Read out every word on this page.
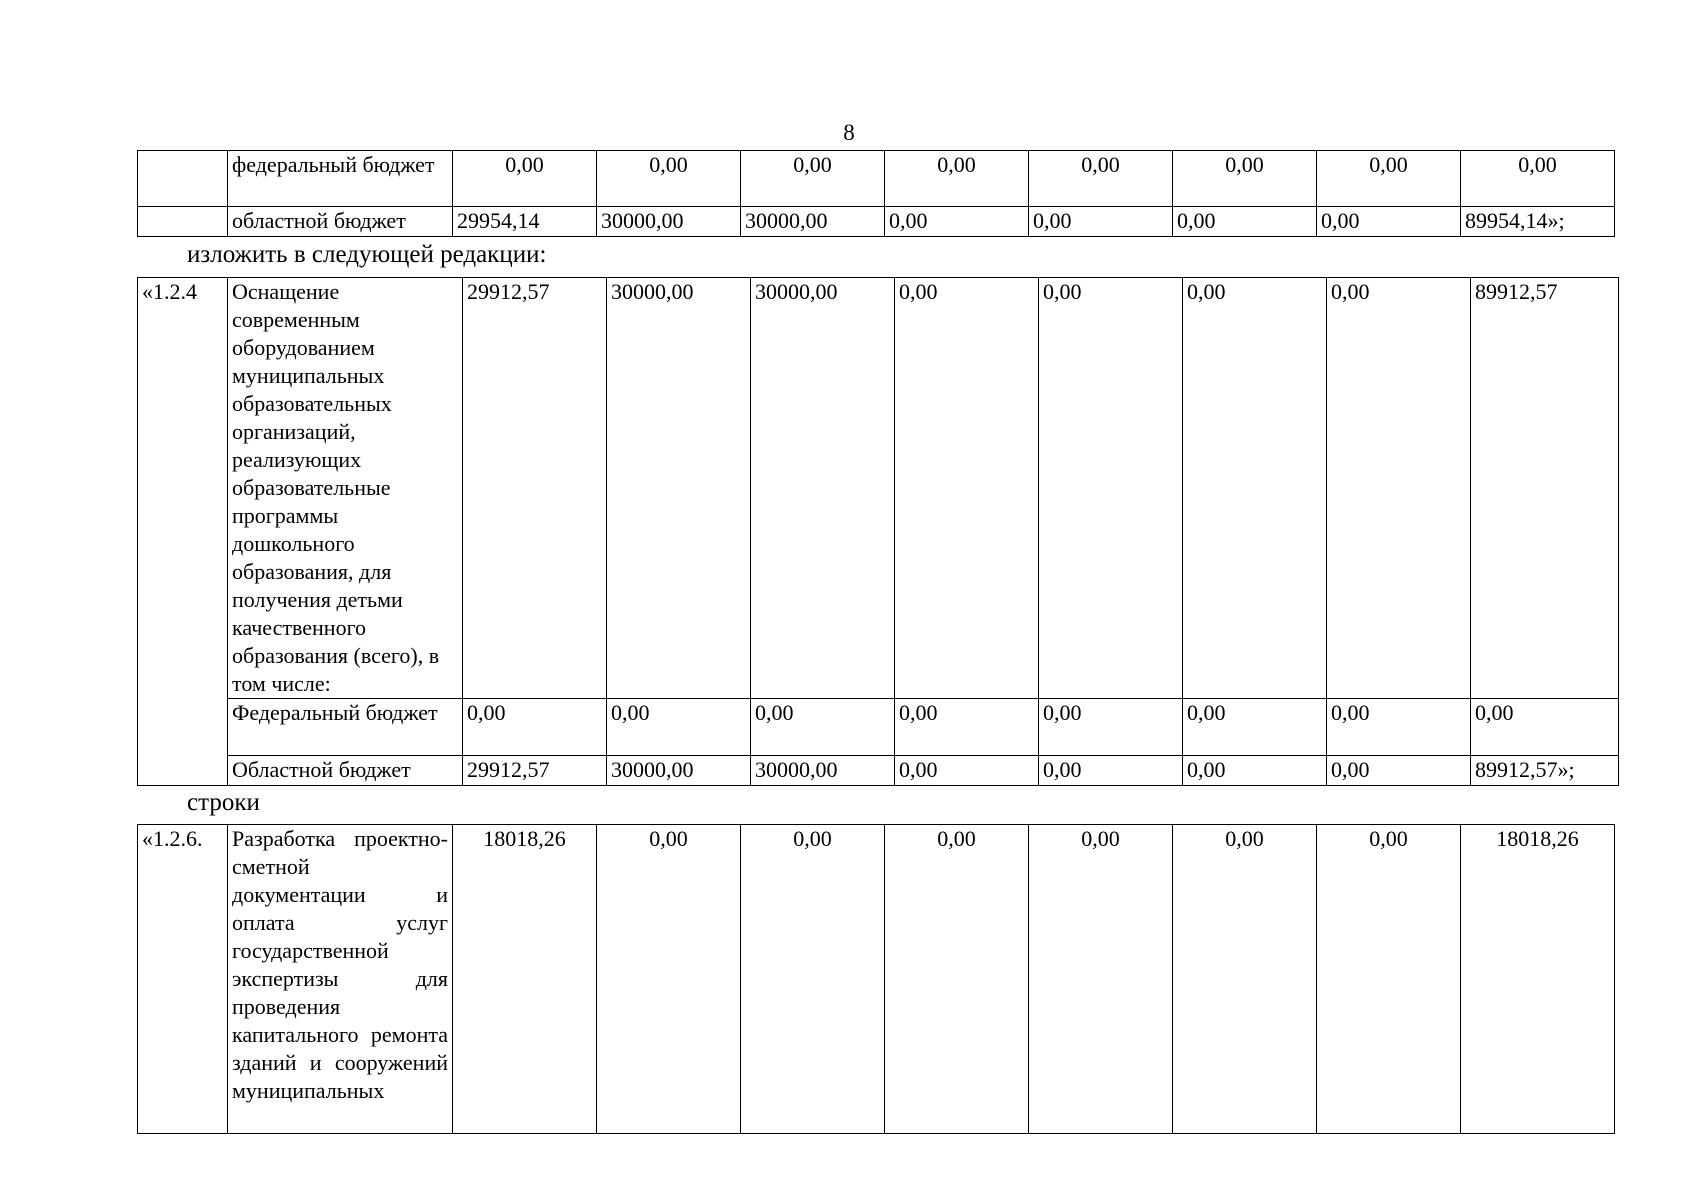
8
	федеральный бюджет	0,00	0,00	0,00	0,00	0,00	0,00	0,00	0,00
	областной бюджет	29954,14	30000,00	30000,00	0,00	0,00	0,00	0,00	89954,14»;
изложить в следующей редакции:
«1.2.4	Оснащение современным оборудованием муниципальных образовательных организаций, реализующих образовательные программы дошкольного образования, для получения детьми качественного образования (всего), в том числе:	29912,57	30000,00	30000,00	0,00	0,00	0,00	0,00	89912,57
	Федеральный бюджет	0,00	0,00	0,00	0,00	0,00	0,00	0,00	0,00
	Областной бюджет	29912,57	30000,00	30000,00	0,00	0,00	0,00	0,00	89912,57»;
строки
«1.2.6.	Разработка проектно-сметной документации и оплата услуг государственной экспертизы для проведения капитального ремонта зданий и сооружений муниципальных	18018,26	0,00	0,00	0,00	0,00	0,00	0,00	18018,26
